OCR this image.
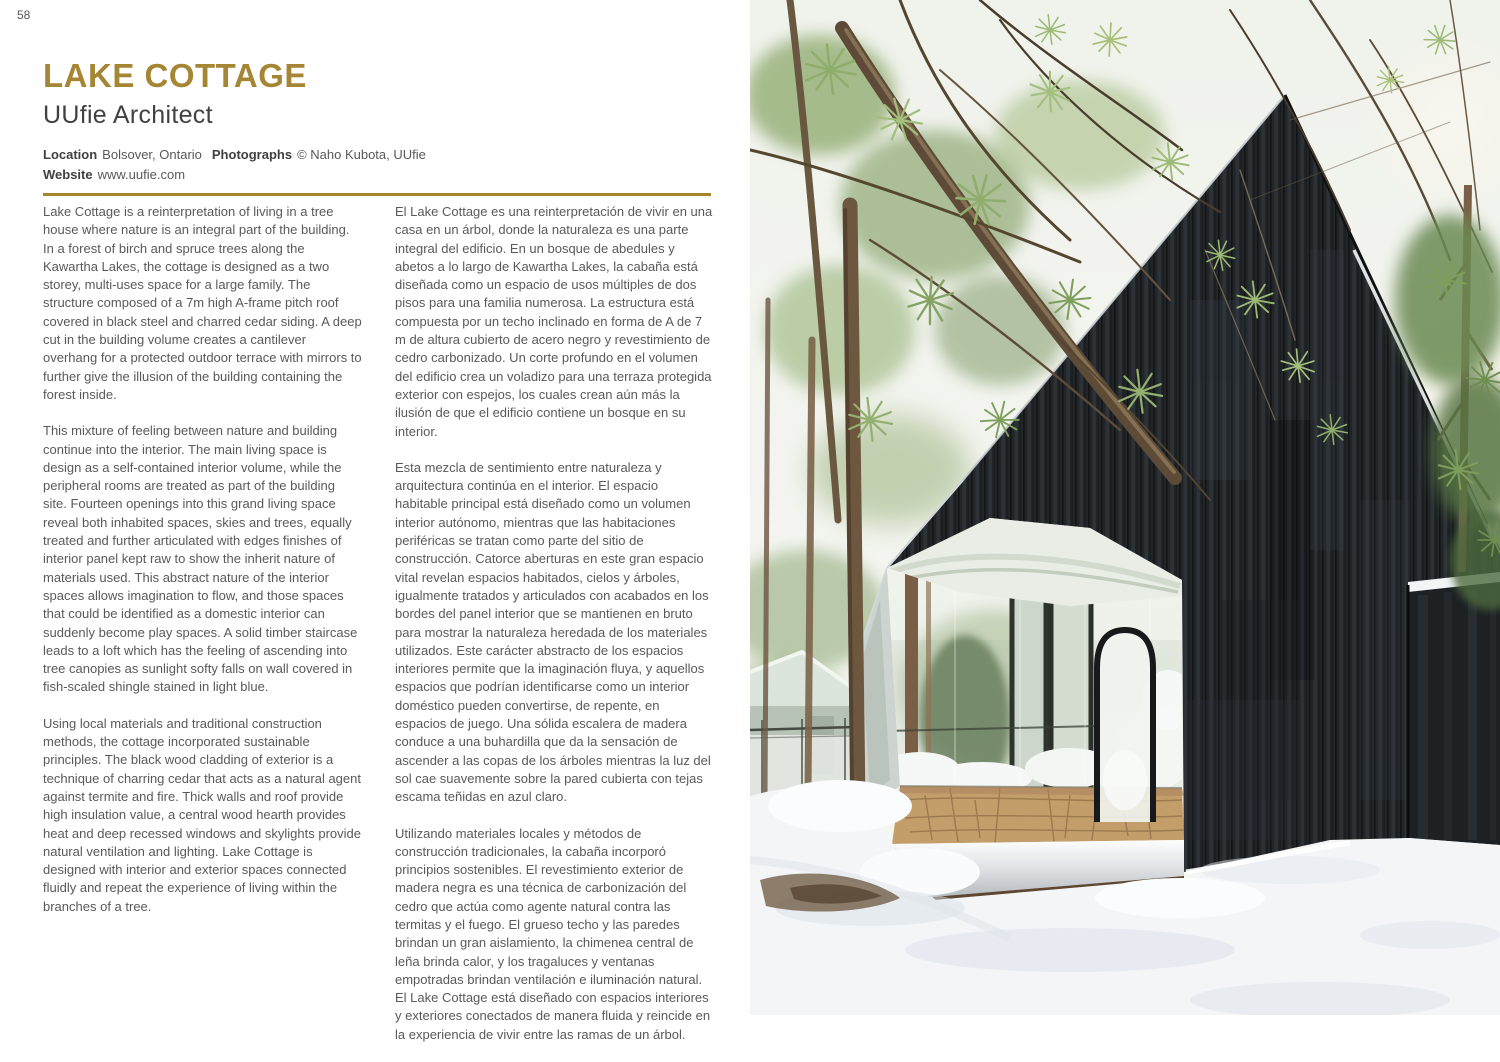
58
LAKE COTTAGE
UUfie Architect
Location Bolsover, Ontario Photographs © Naho Kubota, UUfie
Website www.uufie.com

Lake Cottage is a reinterpretation of living in a tree house where nature is an integral part of the building. In a forest of birch and spruce trees along the Kawartha Lakes, the cottage is designed as a two storey, multi-uses space for a large family. The structure composed of a 7m high A-frame pitch roof covered in black steel and charred cedar siding. A deep cut in the building volume creates a cantilever overhang for a protected outdoor terrace with mirrors to further give the illusion of the building containing the forest inside.

This mixture of feeling between nature and building continue into the interior. The main living space is design as a self-contained interior volume, while the peripheral rooms are treated as part of the building site. Fourteen openings into this grand living space reveal both inhabited spaces, skies and trees, equally treated and further articulated with edges finishes of interior panel kept raw to show the inherit nature of materials used. This abstract nature of the interior spaces allows imagination to flow, and those spaces that could be identified as a domestic interior can suddenly become play spaces. A solid timber staircase leads to a loft which has the feeling of ascending into tree canopies as sunlight softy falls on wall covered in fish-scaled shingle stained in light blue.

Using local materials and traditional construction methods, the cottage incorporated sustainable principles. The black wood cladding of exterior is a technique of charring cedar that acts as a natural agent against termite and fire. Thick walls and roof provide high insulation value, a central wood hearth provides heat and deep recessed windows and skylights provide natural ventilation and lighting. Lake Cottage is designed with interior and exterior spaces connected fluidly and repeat the experience of living within the branches of a tree.

El Lake Cottage es una reinterpretación de vivir en una casa en un árbol, donde la naturaleza es una parte integral del edificio. En un bosque de abedules y abetos a lo largo de Kawartha Lakes, la cabaña está diseñada como un espacio de usos múltiples de dos pisos para una familia numerosa. La estructura está compuesta por un techo inclinado en forma de A de 7 m de altura cubierto de acero negro y revestimiento de cedro carbonizado. Un corte profundo en el volumen del edificio crea un voladizo para una terraza protegida exterior con espejos, los cuales crean aún más la ilusión de que el edificio contiene un bosque en su interior.

Esta mezcla de sentimiento entre naturaleza y arquitectura continúa en el interior. El espacio habitable principal está diseñado como un volumen interior autónomo, mientras que las habitaciones periféricas se tratan como parte del sitio de construcción. Catorce aberturas en este gran espacio vital revelan espacios habitados, cielos y árboles, igualmente tratados y articulados con acabados en los bordes del panel interior que se mantienen en bruto para mostrar la naturaleza heredada de los materiales utilizados. Este carácter abstracto de los espacios interiores permite que la imaginación fluya, y aquellos espacios que podrían identificarse como un interior doméstico pueden convertirse, de repente, en espacios de juego. Una sólida escalera de madera conduce a una buhardilla que da la sensación de ascender a las copas de los árboles mientras la luz del sol cae suavemente sobre la pared cubierta con tejas escama teñidas en azul claro.

Utilizando materiales locales y métodos de construcción tradicionales, la cabaña incorporó principios sostenibles. El revestimiento exterior de madera negra es una técnica de carbonización del cedro que actúa como agente natural contra las termitas y el fuego. El grueso techo y las paredes brindan un gran aislamiento, la chimenea central de leña brinda calor, y los tragaluces y ventanas empotradas brindan ventilación e iluminación natural. El Lake Cottage está diseñado con espacios interiores y exteriores conectados de manera fluida y reincide en la experiencia de vivir entre las ramas de un árbol.
